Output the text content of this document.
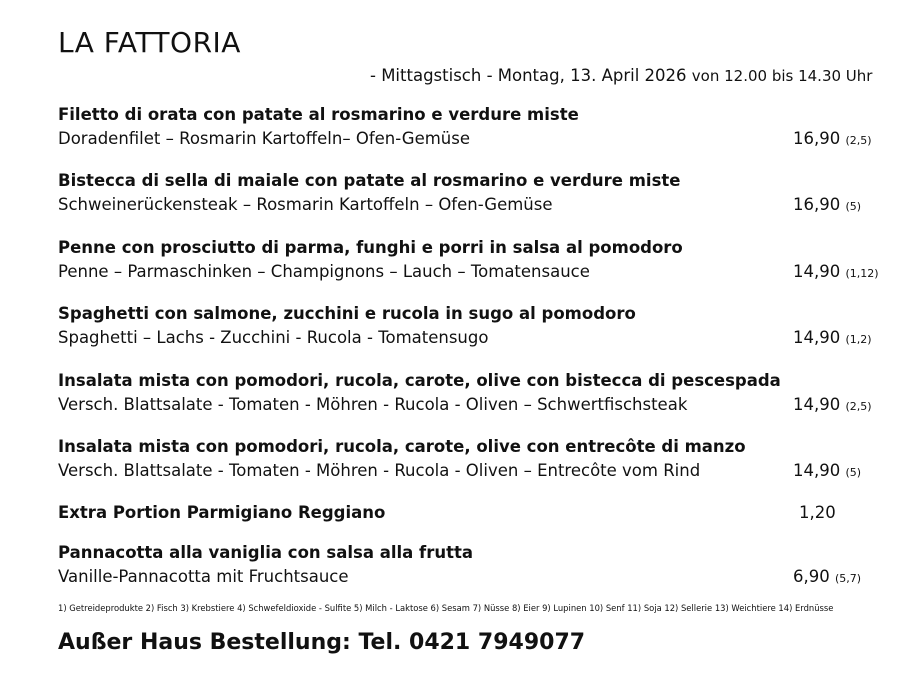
LA FATTORIA
- Mittagstisch - Montag, 13. April 2026 von 12.00 bis 14.30 Uhr
Filetto di orata con patate al rosmarino e verdure miste
Doradenfilet – Rosmarin Kartoffeln– Ofen-Gemüse	16,90 (2,5)
Bistecca di sella di maiale con patate al rosmarino e verdure miste
Schweinerückensteak – Rosmarin Kartoffeln – Ofen-Gemüse	16,90 (5)
Penne con prosciutto di parma, funghi e porri in salsa al pomodoro
Penne – Parmaschinken – Champignons – Lauch – Tomatensauce	14,90 (1,12)
Spaghetti con salmone, zucchini e rucola in sugo al pomodoro
Spaghetti – Lachs - Zucchini - Rucola - Tomatensugo	14,90 (1,2)
Insalata mista con pomodori, rucola, carote, olive con bistecca di pescespada
Versch. Blattsalate - Tomaten - Möhren - Rucola - Oliven – Schwertfischsteak	14,90 (2,5)
Insalata mista con pomodori, rucola, carote, olive con entrecôte di manzo
Versch. Blattsalate - Tomaten - Möhren - Rucola - Oliven – Entrecôte vom Rind	14,90 (5)
Extra Portion Parmigiano Reggiano	1,20
Pannacotta alla vaniglia con salsa alla frutta
Vanille-Pannacotta mit Fruchtsauce	6,90 (5,7)
1) Getreideprodukte 2) Fisch 3) Krebstiere 4) Schwefeldioxide - Sulfite 5) Milch - Laktose 6) Sesam 7) Nüsse 8) Eier 9) Lupinen 10) Senf 11) Soja 12) Sellerie 13) Weichtiere 14) Erdnüsse
Außer Haus Bestellung: Tel. 0421 7949077
